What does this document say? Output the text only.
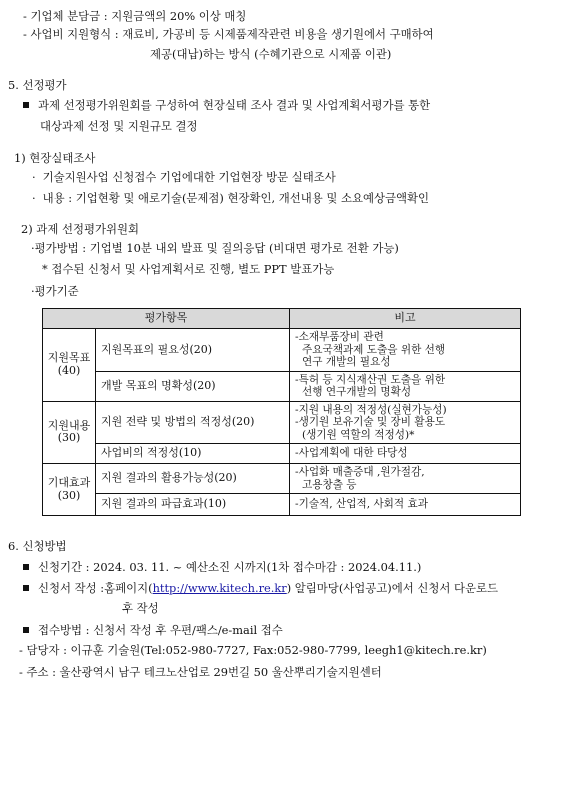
- 기업체 분담금 : 지원금액의 20% 이상 매칭
- 사업비 지원형식 : 재료비, 가공비 등 시제품제작관련 비용을 생기원에서 구매하여
제공(대납)하는 방식 (수혜기관으로 시제품 이관)
5. 선정평가
과제 선정평가위원회를 구성하여 현장실태 조사 결과 및 사업계획서평가를 통한
대상과제 선정 및 지원규모 결정
1) 현장실태조사
· 기술지원사업 신청접수 기업에대한 기업현장 방문 실태조사
· 내용 : 기업현황 및 애로기술(문제점) 현장확인, 개선내용 및 소요예상금액확인
2) 과제 선정평가위원회
·평가방법 : 기업별 10분 내외 발표 및 질의응답 (비대면 평가로 전환 가능)
* 접수된 신청서 및 사업계획서로 진행, 별도 PPT 발표가능
·평가기준
평가항목		비고

지원목표
(40)	지원목표의 필요성(20)	-소재부품장비 관련
주요국책과제 도출을 위한 선행
연구 개발의 필요성

	개발 목표의 명확성(20)	-특허 등 지식재산권 도출을 위한
선행 연구개발의 명확성

지원내용
(30)	지원 전략 및 방법의 적정성(20)	-지원 내용의 적정성(실현가능성)
-생기원 보유기술 및 장비 활용도
(생기원 역할의 적정성)*

	사업비의 적정성(10)	-사업계획에 대한 타당성

기대효과
(30)	지원 결과의 활용가능성(20)	-사업화 매출증대 ,원가절감,
고용창출 등

	지원 결과의 파급효과(10)	-기술적, 산업적, 사회적 효과
6. 신청방법
신청기간 : 2024. 03. 11. ~ 예산소진 시까지(1차 접수마감 : 2024.04.11.)
신청서 작성 :홈페이지(http://www.kitech.re.kr) 알림마당(사업공고)에서 신청서 다운로드
후 작성
접수방법 : 신청서 작성 후 우편/팩스/e-mail 접수
- 담당자 : 이규훈 기술원(Tel:052-980-7727, Fax:052-980-7799, leegh1@kitech.re.kr)
- 주소 : 울산광역시 남구 테크노산업로 29번길 50 울산뿌리기술지원센터
